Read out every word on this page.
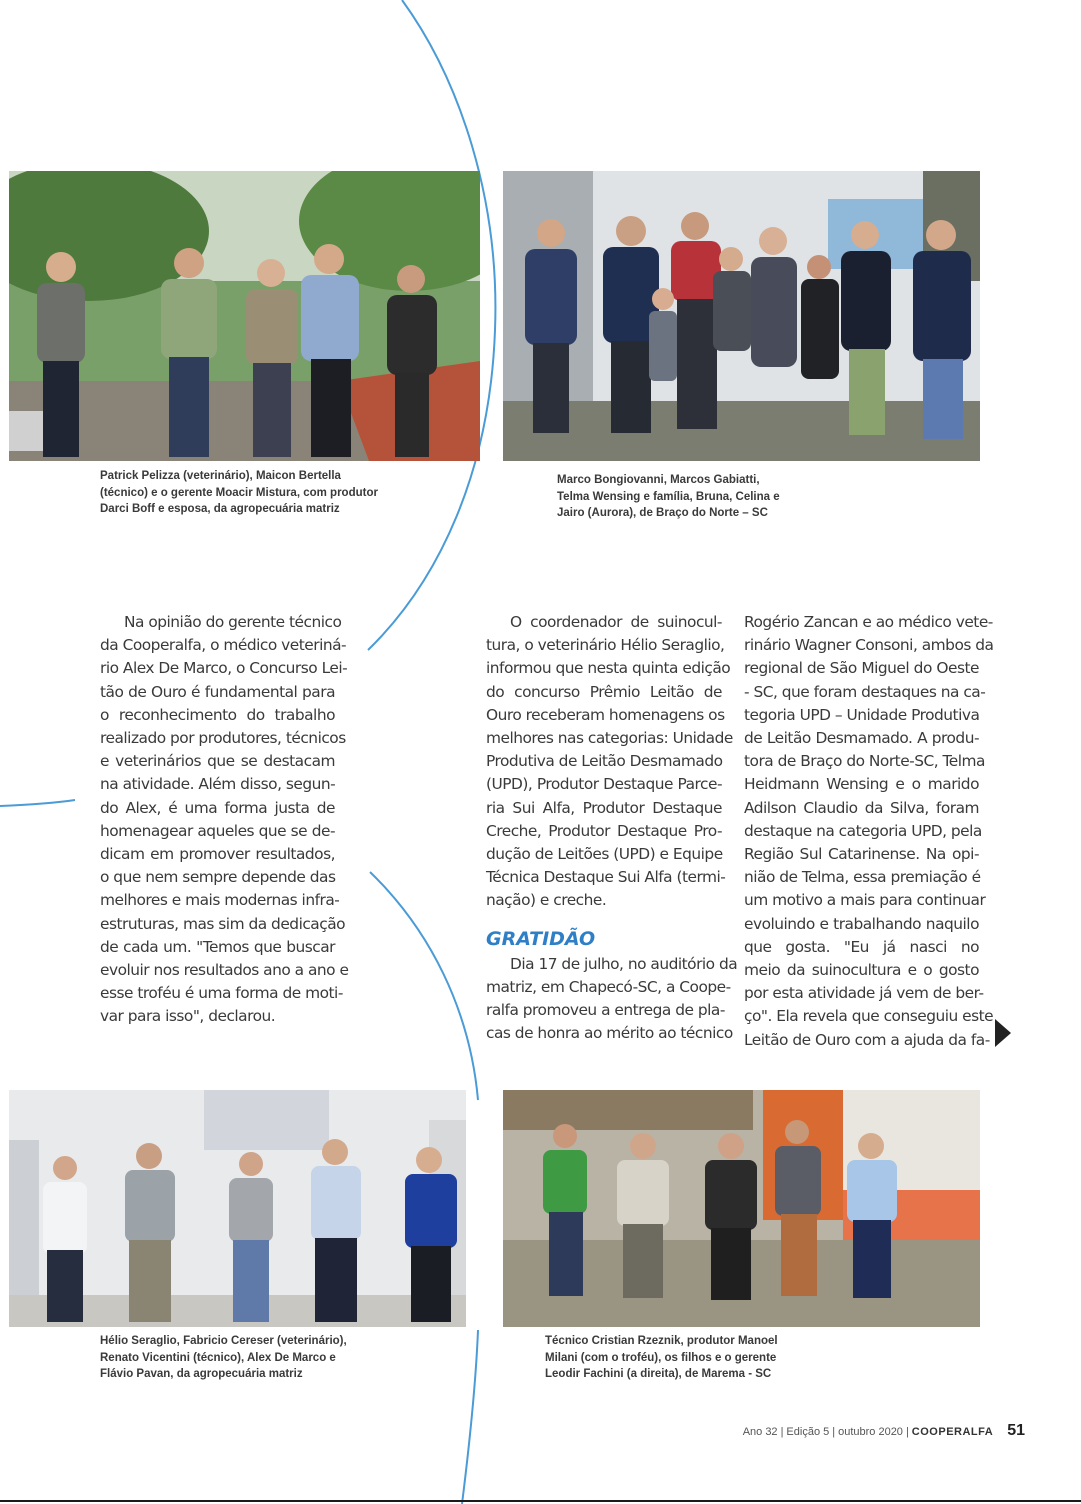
Patrick Pelizza (veterinário), Maicon Bertella
(técnico) e o gerente Moacir Mistura, com produtor
Darci Boff e esposa, da agropecuária matriz
Marco Bongiovanni, Marcos Gabiatti,
Telma Wensing e família, Bruna, Celina e
Jairo (Aurora), de Braço do Norte – SC
Na opinião do gerente técnico
da Cooperalfa, o médico veteriná-
rio Alex De Marco, o Concurso Lei-
tão de Ouro é fundamental para
o reconhecimento do trabalho
realizado por produtores, técnicos
e veterinários que se destacam
na atividade. Além disso, segun-
do Alex, é uma forma justa de
homenagear aqueles que se de-
dicam em promover resultados,
o que nem sempre depende das
melhores e mais modernas infra-
estruturas, mas sim da dedicação
de cada um. "Temos que buscar
evoluir nos resultados ano a ano e
esse troféu é uma forma de moti-
var para isso", declarou.
O coordenador de suinocul-
tura, o veterinário Hélio Seraglio,
informou que nesta quinta edição
do concurso Prêmio Leitão de
Ouro receberam homenagens os
melhores nas categorias: Unidade
Produtiva de Leitão Desmamado
(UPD), Produtor Destaque Parce-
ria Sui Alfa, Produtor Destaque
Creche, Produtor Destaque Pro-
dução de Leitões (UPD) e Equipe
Técnica Destaque Sui Alfa (termi-
nação) e creche.
GRATIDÃO
Dia 17 de julho, no auditório da
matriz, em Chapecó-SC, a Coope-
ralfa promoveu a entrega de pla-
cas de honra ao mérito ao técnico
Rogério Zancan e ao médico vete-
rinário Wagner Consoni, ambos da
regional de São Miguel do Oeste
- SC, que foram destaques na ca-
tegoria UPD – Unidade Produtiva
de Leitão Desmamado. A produ-
tora de Braço do Norte-SC, Telma
Heidmann Wensing e o marido
Adilson Claudio da Silva, foram
destaque na categoria UPD, pela
Região Sul Catarinense. Na opi-
nião de Telma, essa premiação é
um motivo a mais para continuar
evoluindo e trabalhando naquilo
que gosta. "Eu já nasci no
meio da suinocultura e o gosto
por esta atividade já vem de ber-
ço". Ela revela que conseguiu este
Leitão de Ouro com a ajuda da fa-
Hélio Seraglio, Fabricio Cereser (veterinário),
Renato Vicentini (técnico), Alex De Marco e
Flávio Pavan, da agropecuária matriz
Técnico Cristian Rzeznik, produtor Manoel
Milani (com o troféu), os filhos e o gerente
Leodir Fachini (a direita), de Marema - SC
Ano 32 | Edição 5 | outubro 2020 | COOPERALFA 51
